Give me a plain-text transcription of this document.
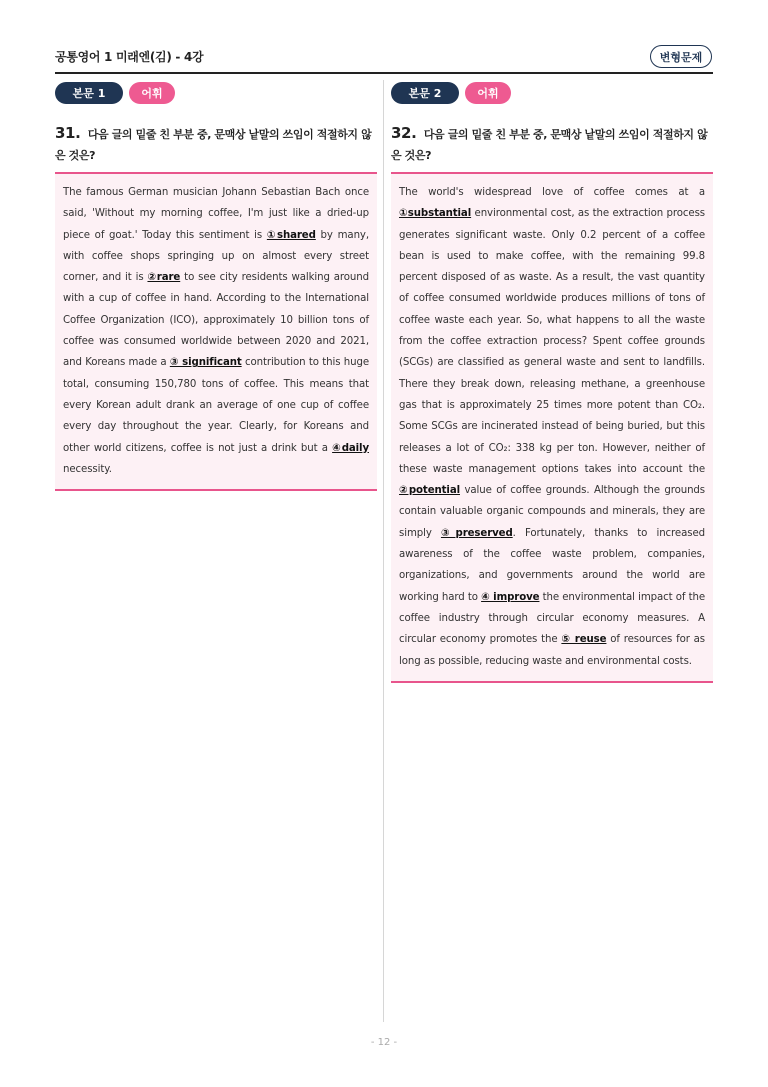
공통영어 1 미래엔(김) - 4강	변형문제
본문 1	어휘
31. 다음 글의 밑줄 친 부분 중, 문맥상 낱말의 쓰임이 적절하지 않은 것은?
The famous German musician Johann Sebastian Bach once said, 'Without my morning coffee, I'm just like a dried-up piece of goat.' Today this sentiment is ①shared by many, with coffee shops springing up on almost every street corner, and it is ②rare to see city residents walking around with a cup of coffee in hand. According to the International Coffee Organization (ICO), approximately 10 billion tons of coffee was consumed worldwide between 2020 and 2021, and Koreans made a ③ significant contribution to this huge total, consuming 150,780 tons of coffee. This means that every Korean adult drank an average of one cup of coffee every day throughout the year. Clearly, for Koreans and other world citizens, coffee is not just a drink but a ④daily necessity.
본문 2	어휘
32. 다음 글의 밑줄 친 부분 중, 문맥상 낱말의 쓰임이 적절하지 않은 것은?
The world's widespread love of coffee comes at a ①substantial environmental cost, as the extraction process generates significant waste. Only 0.2 percent of a coffee bean is used to make coffee, with the remaining 99.8 percent disposed of as waste. As a result, the vast quantity of coffee consumed worldwide produces millions of tons of coffee waste each year. So, what happens to all the waste from the coffee extraction process? Spent coffee grounds (SCGs) are classified as general waste and sent to landfills. There they break down, releasing methane, a greenhouse gas that is approximately 25 times more potent than CO₂. Some SCGs are incinerated instead of being buried, but this releases a lot of CO₂: 338 kg per ton. However, neither of these waste management options takes into account the ②potential value of coffee grounds. Although the grounds contain valuable organic compounds and minerals, they are simply ③preserved. Fortunately, thanks to increased awareness of the coffee waste problem, companies, organizations, and governments around the world are working hard to ④ improve the environmental impact of the coffee industry through circular economy measures. A circular economy promotes the ⑤ reuse of resources for as long as possible, reducing waste and environmental costs.
- 12 -
